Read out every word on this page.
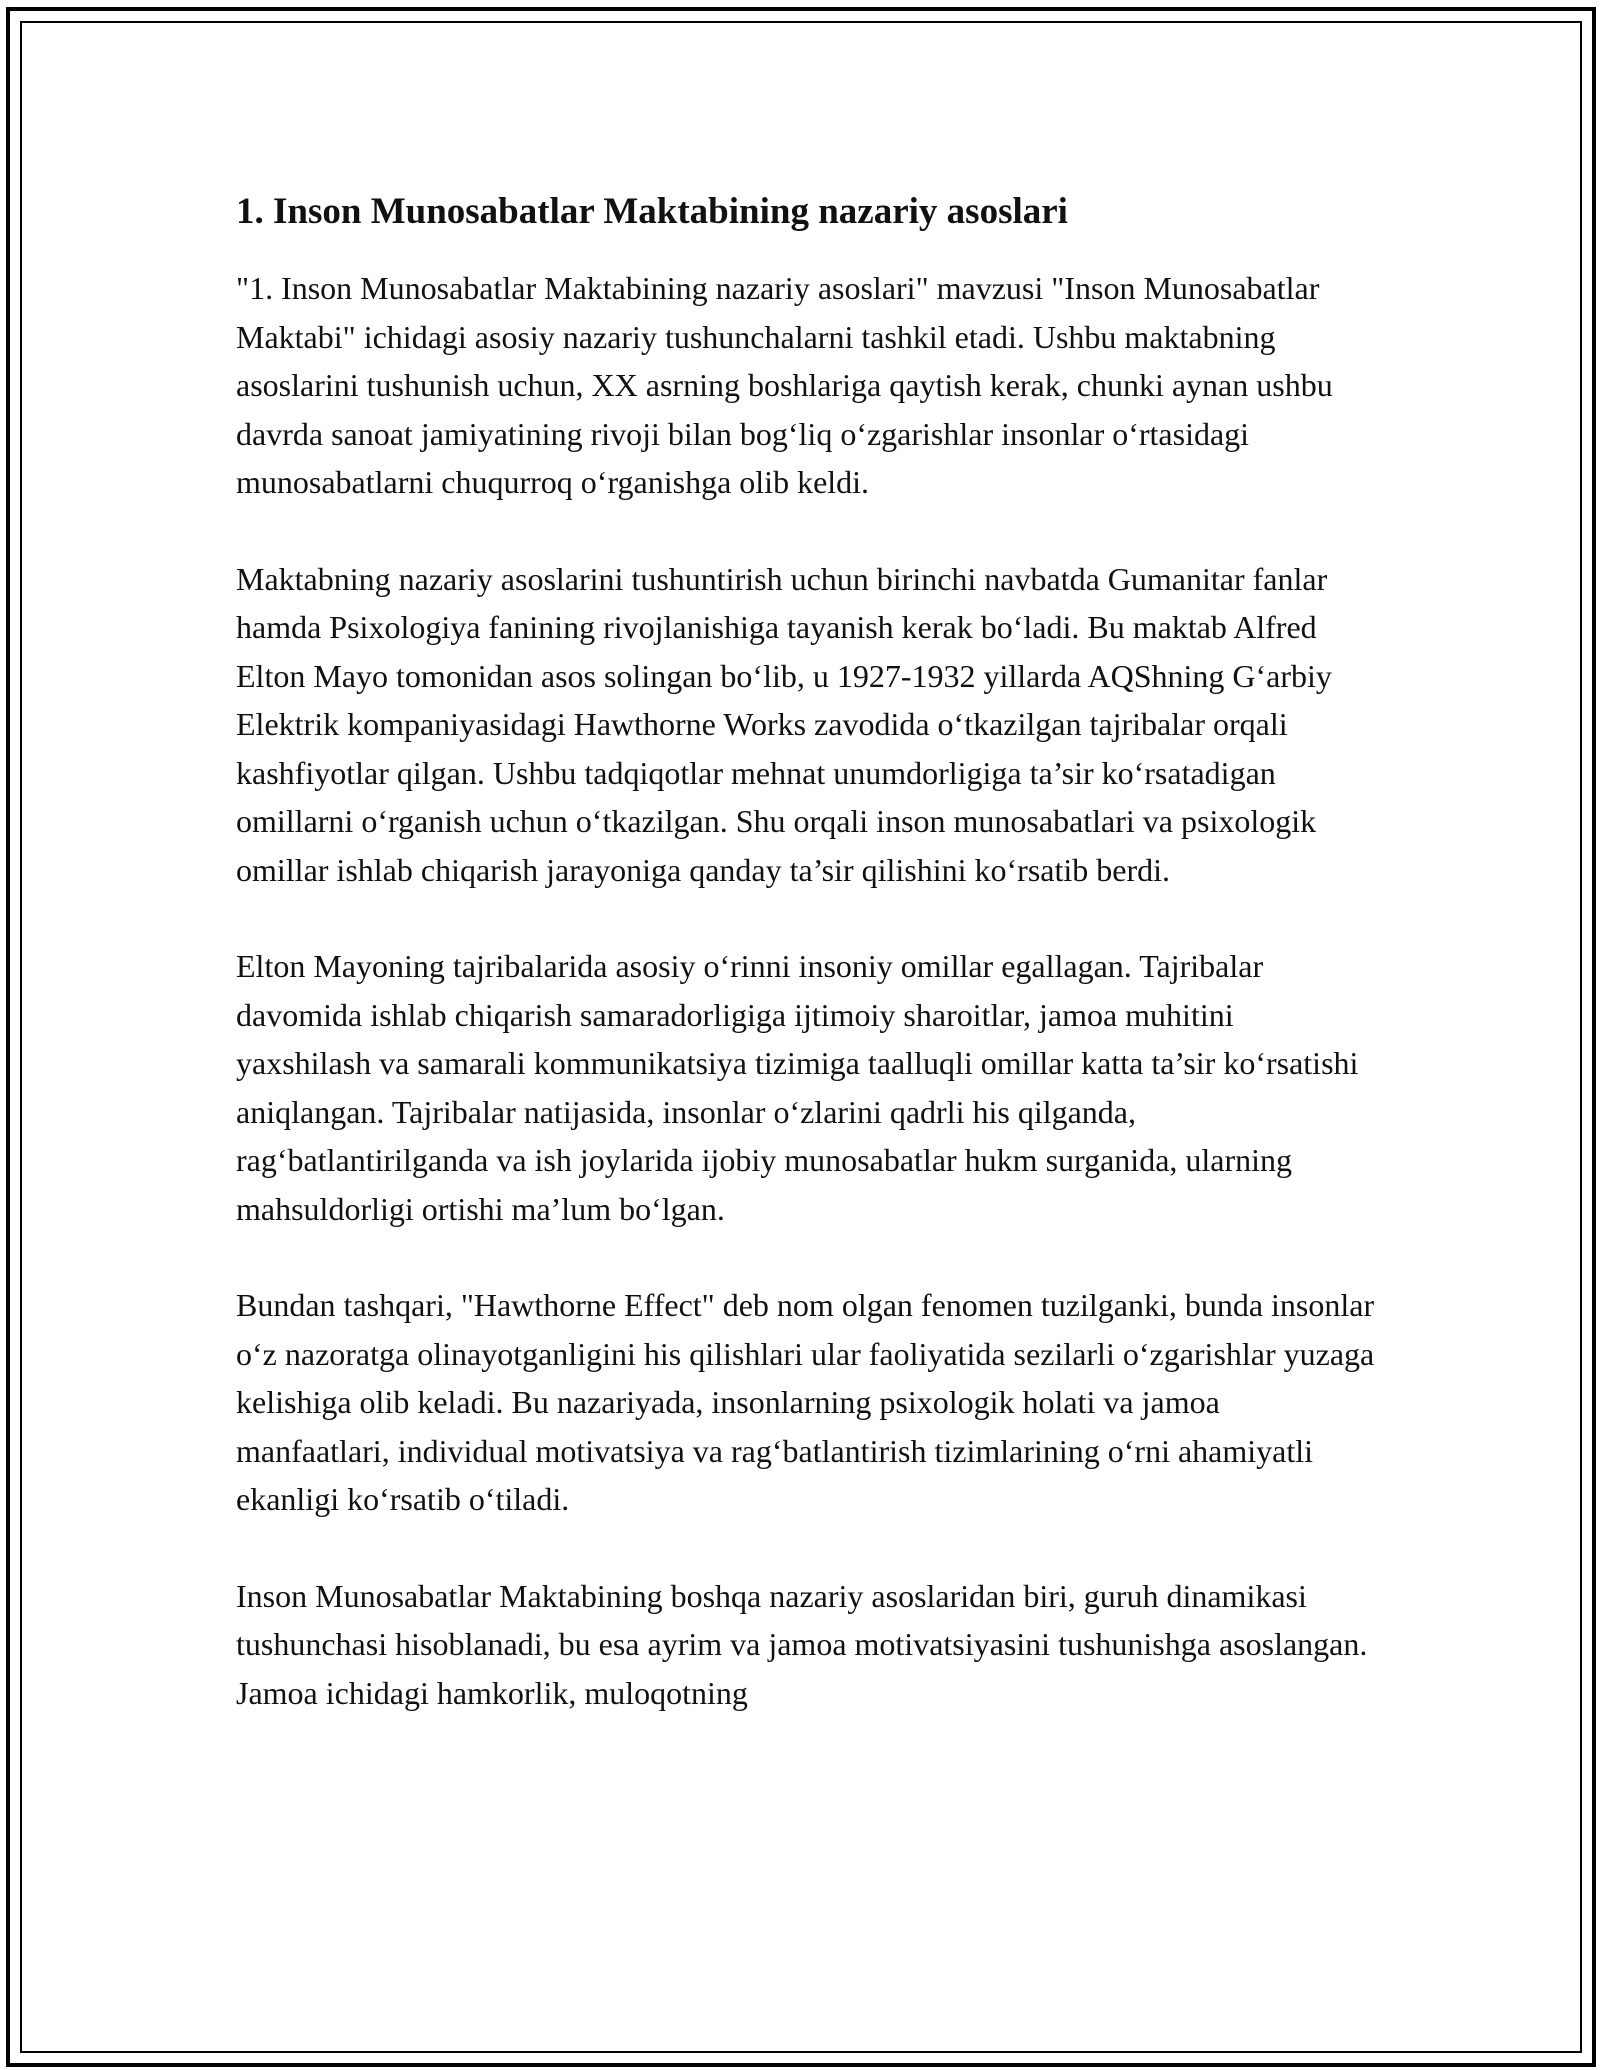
1. Inson Munosabatlar Maktabining nazariy asoslari

"1. Inson Munosabatlar Maktabining nazariy asoslari" mavzusi "Inson Munosabatlar Maktabi" ichidagi asosiy nazariy tushunchalarni tashkil etadi. Ushbu maktabning asoslarini tushunish uchun, XX asrning boshlariga qaytish kerak, chunki aynan ushbu davrda sanoat jamiyatining rivoji bilan bog‘liq o‘zgarishlar insonlar o‘rtasidagi munosabatlarni chuqurroq o‘rganishga olib keldi.

Maktabning nazariy asoslarini tushuntirish uchun birinchi navbatda Gumanitar fanlar hamda Psixologiya fanining rivojlanishiga tayanish kerak bo‘ladi. Bu maktab Alfred Elton Mayo tomonidan asos solingan bo‘lib, u 1927-1932 yillarda AQShning G‘arbiy Elektrik kompaniyasidagi Hawthorne Works zavodida o‘tkazilgan tajribalar orqali kashfiyotlar qilgan. Ushbu tadqiqotlar mehnat unumdorligiga ta’sir ko‘rsatadigan omillarni o‘rganish uchun o‘tkazilgan. Shu orqali inson munosabatlari va psixologik omillar ishlab chiqarish jarayoniga qanday ta’sir qilishini ko‘rsatib berdi.

Elton Mayoning tajribalarida asosiy o‘rinni insoniy omillar egallagan. Tajribalar davomida ishlab chiqarish samaradorligiga ijtimoiy sharoitlar, jamoa muhitini yaxshilash va samarali kommunikatsiya tizimiga taalluqli omillar katta ta’sir ko‘rsatishi aniqlangan. Tajribalar natijasida, insonlar o‘zlarini qadrli his qilganda, rag‘batlantirilganda va ish joylarida ijobiy munosabatlar hukm surganida, ularning mahsuldorligi ortishi ma’lum bo‘lgan.

Bundan tashqari, "Hawthorne Effect" deb nom olgan fenomen tuzilganki, bunda insonlar o‘z nazoratga olinayotganligini his qilishlari ular faoliyatida sezilarli o‘zgarishlar yuzaga kelishiga olib keladi. Bu nazariyada, insonlarning psixologik holati va jamoa manfaatlari, individual motivatsiya va rag‘batlantirish tizimlarining o‘rni ahamiyatli ekanligi ko‘rsatib o‘tiladi.

Inson Munosabatlar Maktabining boshqa nazariy asoslaridan biri, guruh dinamikasi tushunchasi hisoblanadi, bu esa ayrim va jamoa motivatsiyasini tushunishga asoslangan. Jamoa ichidagi hamkorlik, muloqotning
